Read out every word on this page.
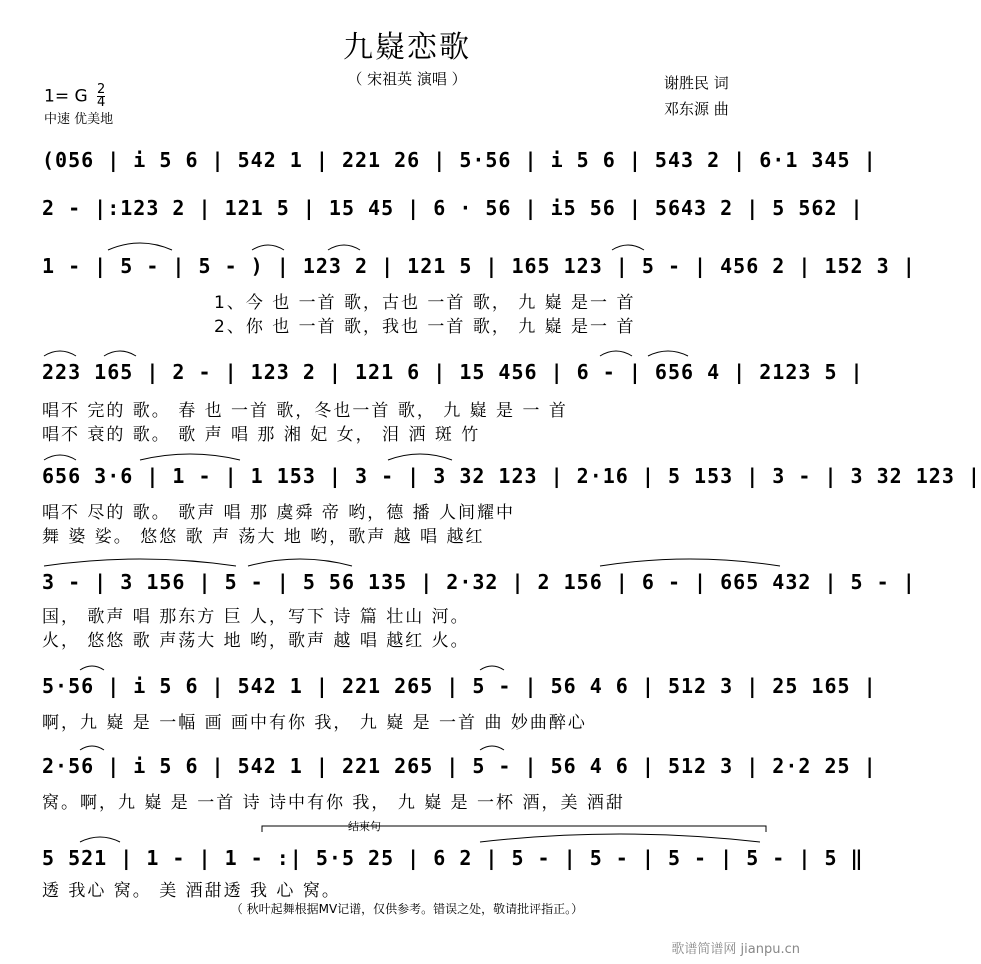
九嶷恋歌
（ 宋祖英 演唱 ）	谢胜民 词
邓东源 曲
1= G $\frac{2}{4}$
中速 优美地
(056 | i 5 6 | 542 1 | 221 26 | 5·56 | i 5 6 | 543 2 | 6·1 345 |
2 - |:123 2 | 121 5 | 15 45 | 6 · 56 | i5 56 | 5643 2 | 5 562 |
1 - | 5 - | 5 - ) | 123 2 | 121 5 | 165 123 | 5 - | 456 2 | 152 3 |
1、今 也 一首 歌，古也 一首 歌， 九 嶷 是一 首
2、你 也 一首 歌，我也 一首 歌， 九 嶷 是一 首
223 165 | 2 - | 123 2 | 121 6 | 15 456 | 6 - | 656 4 | 2123 5 |
唱不 完的 歌。 春 也 一首 歌，冬也一首 歌， 九 嶷 是 一 首
唱不 衰的 歌。 歌 声 唱 那 湘 妃 女， 泪 洒 斑 竹
656 3·6 | 1 - | 1 153 | 3 - | 3 32 123 | 2·16 | 5 153 | 3 - | 3 32 123 |
唱不 尽的 歌。 歌声 唱 那 虞舜 帝 哟，德 播 人间耀中
舞 婆 娑。 悠悠 歌 声 荡大 地 哟，歌声 越 唱 越红
3 - | 3 156 | 5 - | 5 56 135 | 2·32 | 2 156 | 6 - | 665 432 | 5 - |
国， 歌声 唱 那东方 巨 人，写下 诗 篇 壮山 河。
火， 悠悠 歌 声荡大 地 哟，歌声 越 唱 越红 火。
5·56 | i 5 6 | 542 1 | 221 265 | 5 - | 56 4 6 | 512 3 | 25 165 |
啊，九 嶷 是 一幅 画 画中有你 我， 九 嶷 是 一首 曲 妙曲醉心
2·56 | i 5 6 | 542 1 | 221 265 | 5 - | 56 4 6 | 512 3 | 2·2 25 |
窝。啊，九 嶷 是 一首 诗 诗中有你 我， 九 嶷 是 一杯 酒，美 酒甜
结束句
5 521 | 1 - | 1 - :| 5·5 25 | 6 2 | 5 - | 5 - | 5 - | 5 - | 5 ‖
透 我心 窝。 美 酒甜透 我 心 窝。
（ 秋叶起舞根据MV记谱，仅供参考。错误之处，敬请批评指正。）
歌谱简谱网 jianpu.cn
